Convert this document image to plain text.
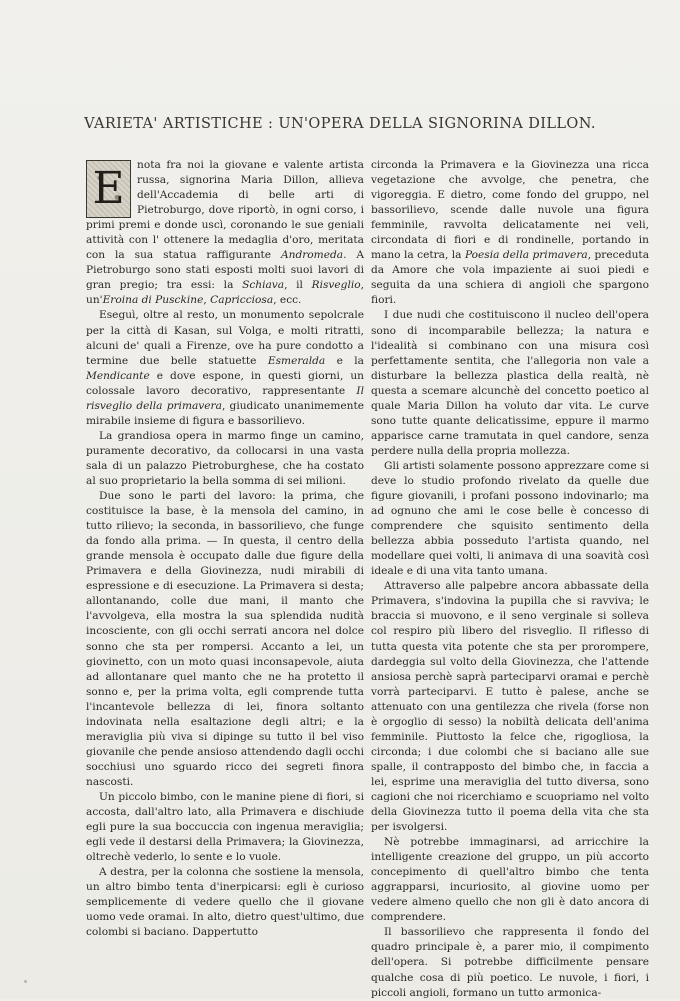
VARIETA' ARTISTICHE : UN'OPERA DELLA SIGNORINA DILLON.
E	nota fra noi la giovane e valente artista russa, signorina Maria Dillon, allieva dell'Accademia di belle arti di Pietroburgo, dove riportò, in ogni corso, i primi premi e donde uscì, coronando le sue geniali attività con l' ottenere la medaglia d'oro, meritata con la sua statua raffigurante Andromeda. A Pietroburgo sono stati esposti molti suoi lavori di gran pregio; tra essi: la Schiava, il Risveglio, un'Eroina di Pusckine, Capricciosa, ecc.

Eseguì, oltre al resto, un monumento sepolcrale per la città di Kasan, sul Volga, e molti ritratti, alcuni de' quali a Firenze, ove ha pure condotto a termine due belle statuette Esmeralda e la Mendicante e dove espone, in questi giorni, un colossale lavoro decorativo, rappresentante Il risveglio della primavera, giudicato unanimemente mirabile insieme di figura e bassorilievo.

La grandiosa opera in marmo finge un camino, puramente decorativo, da collocarsi in una vasta sala di un palazzo Pietroburghese, che ha costato al suo proprietario la bella somma di sei milioni.

Due sono le parti del lavoro: la prima, che costituisce la base, è la mensola del camino, in tutto rilievo; la seconda, in bassorilievo, che funge da fondo alla prima. — In questa, il centro della grande mensola è occupato dalle due figure della Primavera e della Giovinezza, nudi mirabili di espressione e di esecuzione. La Primavera si desta; allontanando, colle due mani, il manto che l'avvolgeva, ella mostra la sua splendida nudità incosciente, con gli occhi serrati ancora nel dolce sonno che sta per rompersi. Accanto a lei, un giovinetto, con un moto quasi inconsapevole, aiuta ad allontanare quel manto che ne ha protetto il sonno e, per la prima volta, egli comprende tutta l'incantevole bellezza di lei, finora soltanto indovinata nella esaltazione degli altri; e la meraviglia più viva si dipinge su tutto il bel viso giovanile che pende ansioso attendendo dagli occhi socchiusi uno sguardo ricco dei segreti finora nascosti.

Un piccolo bimbo, con le manine piene di fiori, si accosta, dall'altro lato, alla Primavera e dischiude egli pure la sua boccuccia con ingenua meraviglia; egli vede il destarsi della Primavera; la Giovinezza, oltrechè vederlo, lo sente e lo vuole.

A destra, per la colonna che sostiene la mensola, un altro bimbo tenta d'inerpicarsi: egli è curioso semplicemente di vedere quello che il giovane uomo vede oramai. In alto, dietro quest'ultimo, due colombi si baciano. Dappertutto

circonda la Primavera e la Giovinezza una ricca vegetazione che avvolge, che penetra, che vigoreggia. E dietro, come fondo del gruppo, nel bassorilievo, scende dalle nuvole una figura femminile, ravvolta delicatamente nei veli, circondata di fiori e di rondinelle, portando in mano la cetra, la Poesia della primavera, preceduta da Amore che vola impaziente ai suoi piedi e seguita da una schiera di angioli che spargono fiori.

I due nudi che costituiscono il nucleo dell'opera sono di incomparabile bellezza; la natura e l'idealità si combinano con una misura così perfettamente sentita, che l'allegoria non vale a disturbare la bellezza plastica della realtà, nè questa a scemare alcunchè del concetto poetico al quale Maria Dillon ha voluto dar vita. Le curve sono tutte quante delicatissime, eppure il marmo apparisce carne tramutata in quel candore, senza perdere nulla della propria mollezza.

Gli artisti solamente possono apprezzare come si deve lo studio profondo rivelato da quelle due figure giovanili, i profani possono indovinarlo; ma ad ognuno che ami le cose belle è concesso di comprendere che squisito sentimento della bellezza abbia posseduto l'artista quando, nel modellare quei volti, li animava di una soavità così ideale e di una vita tanto umana.

Attraverso alle palpebre ancora abbassate della Primavera, s'indovina la pupilla che si ravviva; le braccia si muovono, e il seno verginale si solleva col respiro più libero del risveglio. Il riflesso di tutta questa vita potente che sta per prorompere, dardeggia sul volto della Giovinezza, che l'attende ansiosa perchè saprà parteciparvi oramai e perchè vorrà parteciparvi. E tutto è palese, anche se attenuato con una gentilezza che rivela (forse non è orgoglio di sesso) la nobiltà delicata dell'anima femminile. Piuttosto la felce che, rigogliosa, la circonda; i due colombi che si baciano alle sue spalle, il contrapposto del bimbo che, in faccia a lei, esprime una meraviglia del tutto diversa, sono cagioni che noi ricerchiamo e scuopriamo nel volto della Giovinezza tutto il poema della vita che sta per isvolgersi.

Nè potrebbe immaginarsi, ad arricchire la intelligente creazione del gruppo, un più accorto concepimento di quell'altro bimbo che tenta aggrapparsi, incuriosito, al giovine uomo per vedere almeno quello che non gli è dato ancora di comprendere.

Il bassorilievo che rappresenta il fondo del quadro principale è, a parer mio, il compimento dell'opera. Si potrebbe difficilmente pensare qualche cosa di più poetico. Le nuvole, i fiori, i piccoli angioli, formano un tutto armonica-
